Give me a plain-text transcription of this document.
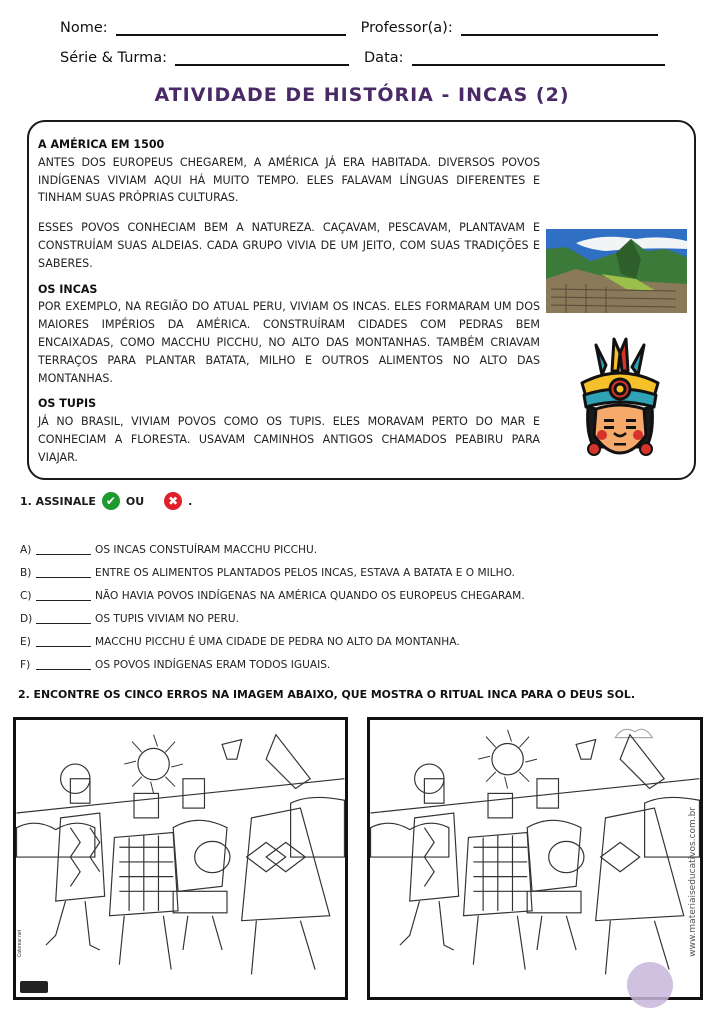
Nome:	Professor(a):
Série & Turma:	Data:
ATIVIDADE DE HISTÓRIA - INCAS (2)
A AMÉRICA EM 1500

ANTES DOS EUROPEUS CHEGAREM, A AMÉRICA JÁ ERA HABITADA. DIVERSOS POVOS INDÍGENAS VIVIAM AQUI HÁ MUITO TEMPO. ELES FALAVAM LÍNGUAS DIFERENTES E TINHAM SUAS PRÓPRIAS CULTURAS.

ESSES POVOS CONHECIAM BEM A NATUREZA. CAÇAVAM, PESCAVAM, PLANTAVAM E CONSTRUÍAM SUAS ALDEIAS. CADA GRUPO VIVIA DE UM JEITO, COM SUAS TRADIÇÕES E SABERES.

OS INCAS

POR EXEMPLO, NA REGIÃO DO ATUAL PERU, VIVIAM OS INCAS. ELES FORMARAM UM DOS MAIORES IMPÉRIOS DA AMÉRICA. CONSTRUÍRAM CIDADES COM PEDRAS BEM ENCAIXADAS, COMO MACCHU PICCHU, NO ALTO DAS MONTANHAS. TAMBÉM CRIAVAM TERRAÇOS PARA PLANTAR BATATA, MILHO E OUTROS ALIMENTOS NO ALTO DAS MONTANHAS.

OS TUPIS

JÁ NO BRASIL, VIVIAM POVOS COMO OS TUPIS. ELES MORAVAM PERTO DO MAR E CONHECIAM A FLORESTA. USAVAM CAMINHOS ANTIGOS CHAMADOS PEABIRU PARA VIAJAR.

1. ASSINALE ✔ OU	✖ .
A)	OS INCAS CONSTUÍRAM MACCHU PICCHU.
B)	ENTRE OS ALIMENTOS PLANTADOS PELOS INCAS, ESTAVA A BATATA E O MILHO.
C)	NÃO HAVIA POVOS INDÍGENAS NA AMÉRICA QUANDO OS EUROPEUS CHEGARAM.
D)	OS TUPIS VIVIAM NO PERU.
E)	MACCHU PICCHU É UMA CIDADE DE PEDRA NO ALTO DA MONTANHA.
F)	OS POVOS INDÍGENAS ERAM TODOS IGUAIS.
2. ENCONTRE OS CINCO ERROS NA IMAGEM ABAIXO, QUE MOSTRA O RITUAL INCA PARA O DEUS SOL.
Colorear.net	www.materiaiseducativos.com.br
